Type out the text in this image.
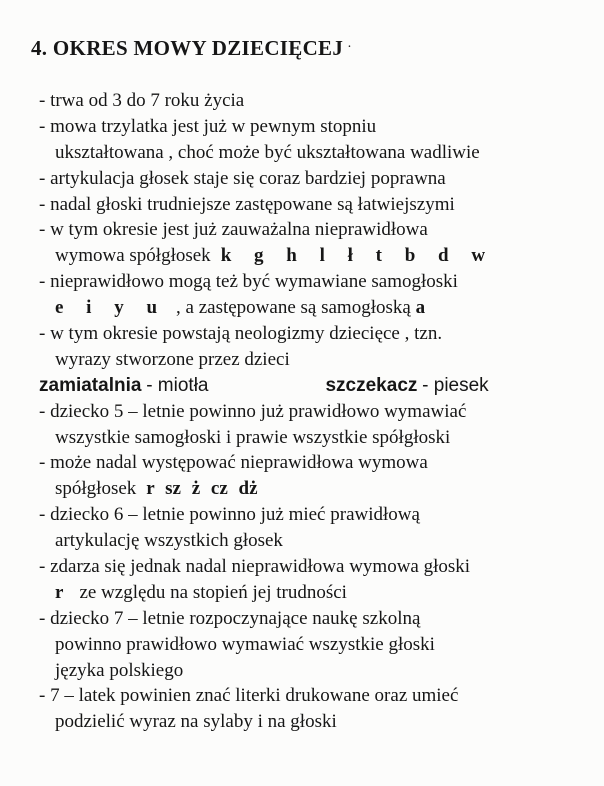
4. OKRES MOWY DZIECIĘCEJ ·
- trwa od 3 do 7 roku życia
- mowa trzylatka jest już w pewnym stopniu
ukształtowana , choć może być ukształtowana wadliwie
- artykulacja głosek staje się coraz bardziej poprawna
- nadal głoski trudniejsze zastępowane są łatwiejszymi
- w tym okresie jest już zauważalna nieprawidłowa
wymowa spółgłosek k g h l ł t b d w
- nieprawidłowo mogą też być wymawiane samogłoski
e i y u , a zastępowane są samogłoską a
- w tym okresie powstają neologizmy dziecięce , tzn.
wyrazy stworzone przez dzieci
zamiatalnia - miotła	szczekacz - piesek
- dziecko 5 – letnie powinno już prawidłowo wymawiać
wszystkie samogłoski i prawie wszystkie spółgłoski
- może nadal występować nieprawidłowa wymowa
spółgłosek r sz ż cz dż
- dziecko 6 – letnie powinno już mieć prawidłową
artykulację wszystkich głosek
- zdarza się jednak nadal nieprawidłowa wymowa głoski
r ze względu na stopień jej trudności
- dziecko 7 – letnie rozpoczynające naukę szkolną
powinno prawidłowo wymawiać wszystkie głoski
języka polskiego
- 7 – latek powinien znać literki drukowane oraz umieć
podzielić wyraz na sylaby i na głoski
